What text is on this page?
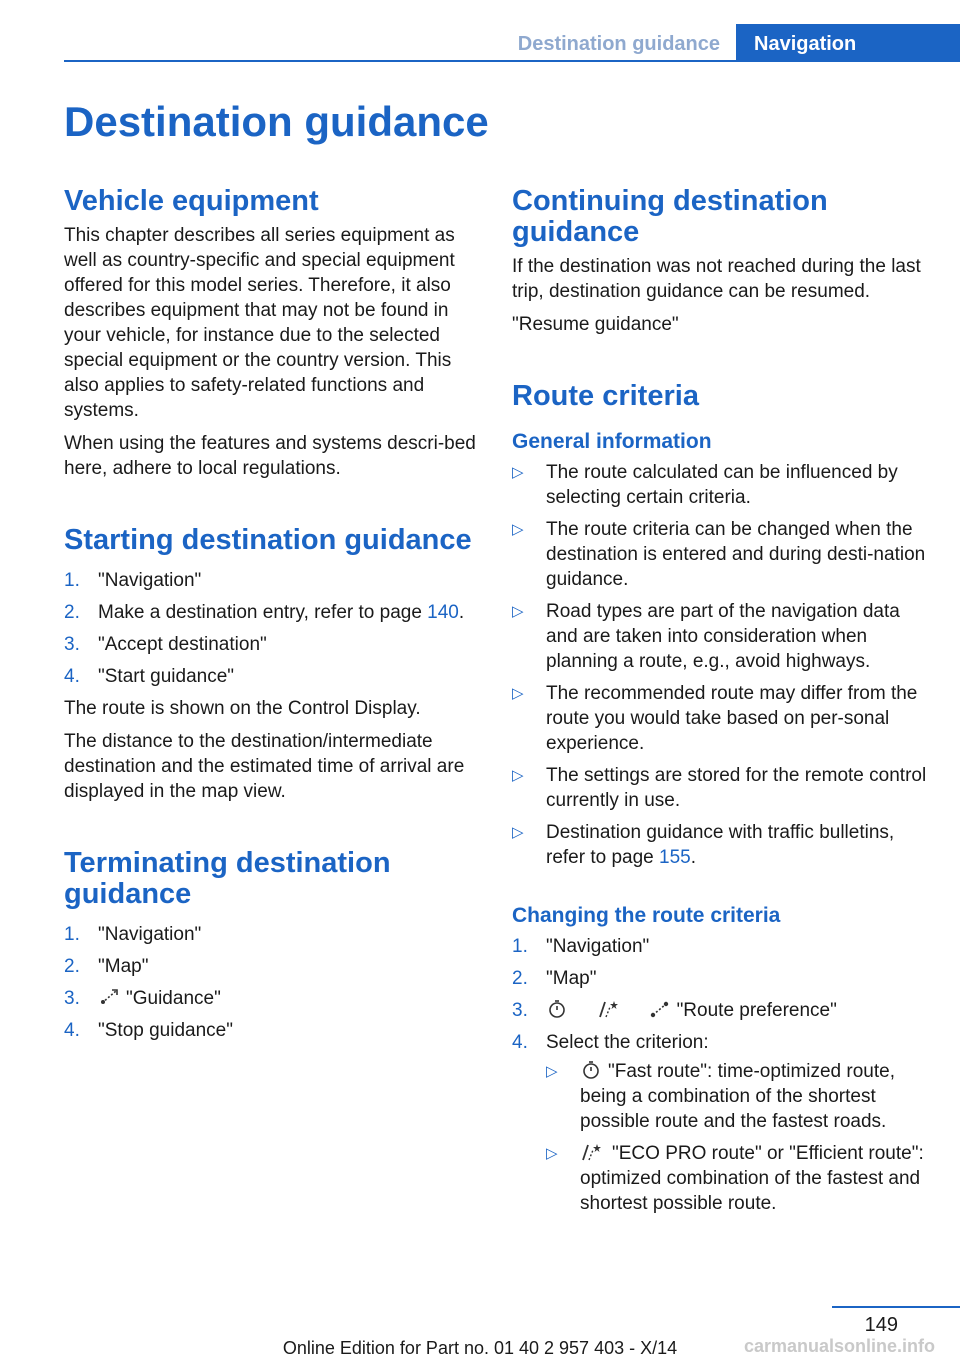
Destination guidance	Navigation
Destination guidance
Vehicle equipment

This chapter describes all series equipment as well as country-specific and special equipment offered for this model series. Therefore, it also describes equipment that may not be found in your vehicle, for instance due to the selected special equipment or the country version. This also applies to safety-related functions and systems.

When using the features and systems descri‐bed here, adhere to local regulations.

Starting destination guidance
1. "Navigation"
2. Make a destination entry, refer to page 140.
3. "Accept destination"
4. "Start guidance"

The route is shown on the Control Display.

The distance to the destination/intermediate destination and the estimated time of arrival are displayed in the map view.

Terminating destination guidance
1. "Navigation"
2. "Map"
3. "Guidance"
4. "Stop guidance"
Continuing destination guidance

If the destination was not reached during the last trip, destination guidance can be resumed.

"Resume guidance"

Route criteria
General information
▷ The route calculated can be influenced by selecting certain criteria.
▷ The route criteria can be changed when the destination is entered and during desti‐nation guidance.
▷ Road types are part of the navigation data and are taken into consideration when planning a route, e.g., avoid highways.
▷ The recommended route may differ from the route you would take based on per‐sonal experience.
▷ The settings are stored for the remote control currently in use.
▷ Destination guidance with traffic bulletins, refer to page 155.
Changing the route criteria
1. "Navigation"
2. "Map"
3.	"Route preference"
4. Select the criterion:
▷	"Fast route": time-optimized route, being a combination of the shortest possible route and the fastest roads.
▷	"ECO PRO route" or "Efficient route": optimized combination of the fastest and shortest possible route.
149
Online Edition for Part no. 01 40 2 957 403 - X/14	carmanualsonline.info
